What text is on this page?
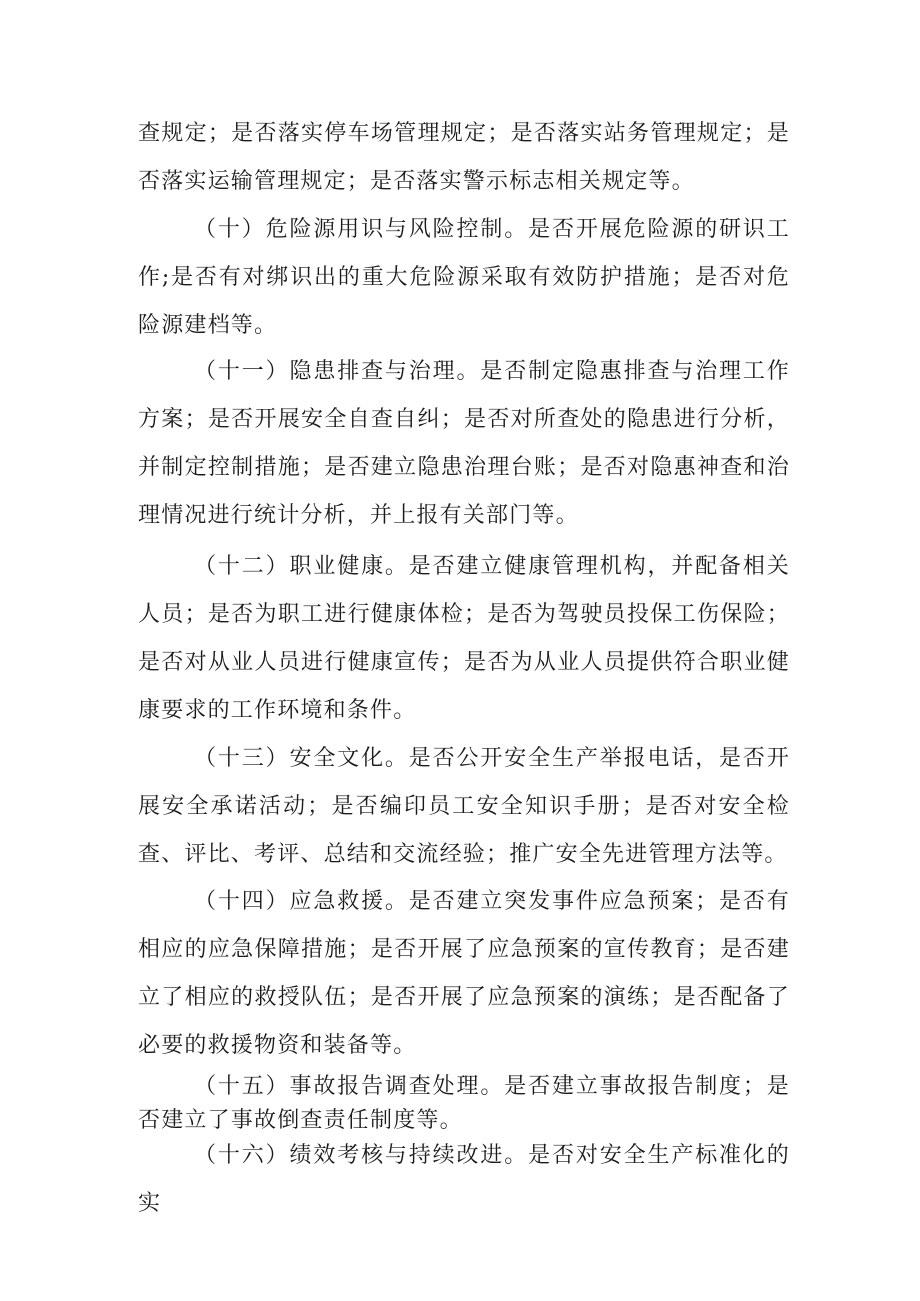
查规定；是否落实停车场管理规定；是否落实站务管理规定；是否落实运输管理规定；是否落实警示标志相关规定等。

（十）危险源用识与风险控制。是否开展危险源的研识工作;是否有对绑识出的重大危险源采取有效防护措施；是否对危险源建档等。

（十一）隐患排查与治理。是否制定隐惠排查与治理工作方案；是否开展安全自查自纠；是否对所查处的隐患进行分析，并制定控制措施；是否建立隐患治理台账；是否对隐惠神查和治理情况进行统计分析，并上报有关部门等。

（十二）职业健康。是否建立健康管理机构，并配备相关人员；是否为职工进行健康体检；是否为驾驶员投保工伤保险；是否对从业人员进行健康宣传；是否为从业人员提供符合职业健康要求的工作环境和条件。

（十三）安全文化。是否公开安全生产举报电话，是否开展安全承诺活动；是否编印员工安全知识手册；是否对安全检查、评比、考评、总结和交流经验；推广安全先进管理方法等。

（十四）应急救援。是否建立突发事件应急预案；是否有相应的应急保障措施；是否开展了应急预案的宣传教育；是否建立了相应的救授队伍；是否开展了应急预案的演练；是否配备了必要的救援物资和装备等。

（十五）事故报告调查处理。是否建立事故报告制度；是否建立了事故倒查责任制度等。

（十六）绩效考核与持续改进。是否对安全生产标准化的实
